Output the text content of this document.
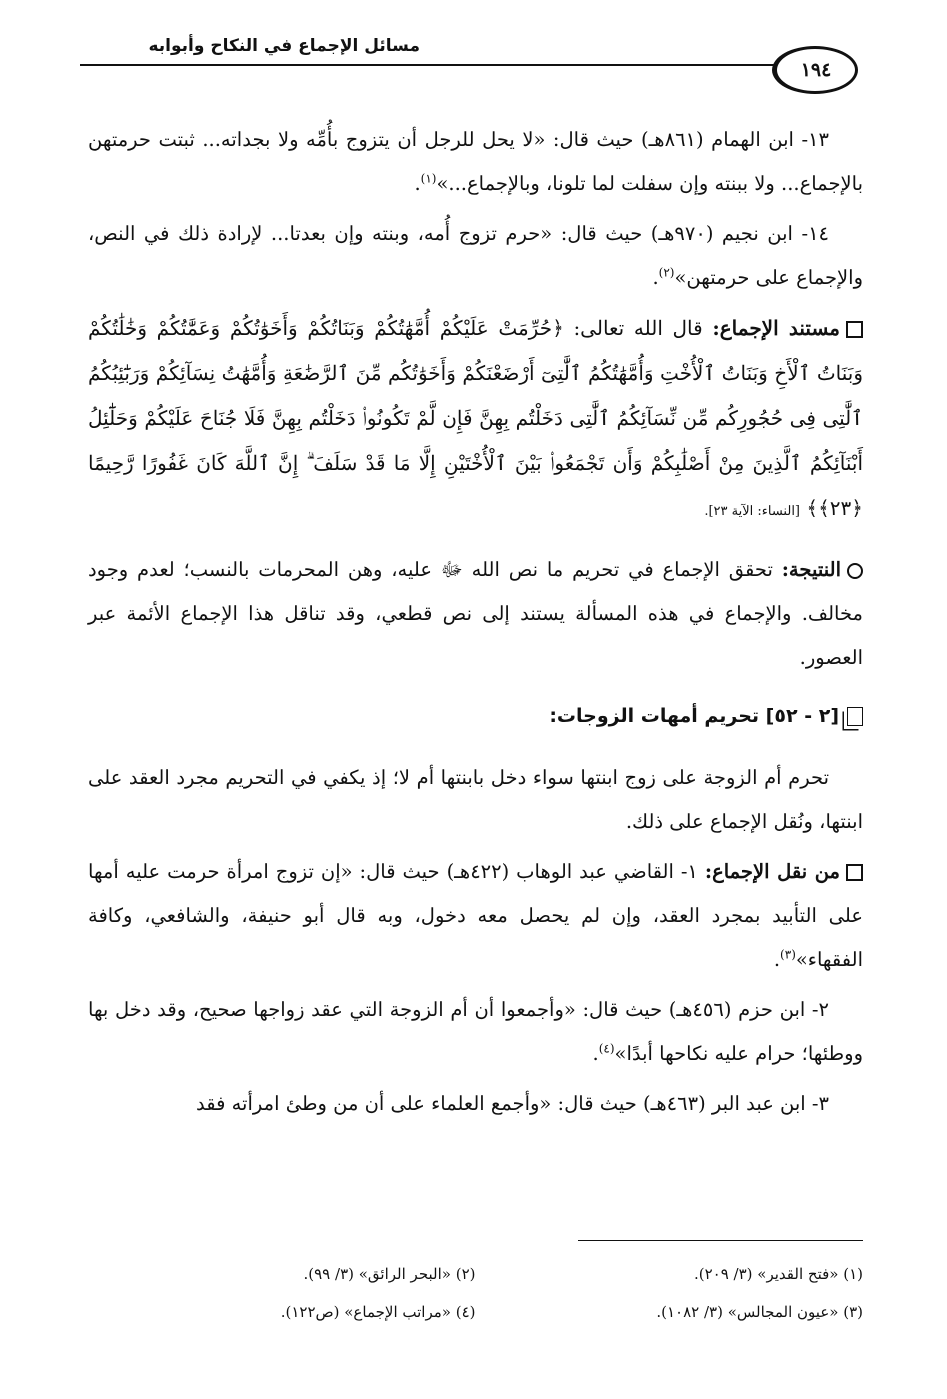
مسائل الإجماع في النكاح وأبوابه
١٩٤

١٣- ابن الهمام (٨٦١هـ) حيث قال: «لا يحل للرجل أن يتزوج بأُمِّه ولا بجداته... ثبتت حرمتهن بالإجماع... ولا ببنته وإن سفلت لما تلونا، وبالإجماع...»$^{(١)}$.

١٤- ابن نجيم (٩٧٠هـ) حيث قال: «حرم تزوج أُمه، وبنته وإن بعدتا... لإرادة ذلك في النص، والإجماع على حرمتهن»$^{(٢)}$.

مستند الإجماع: قال الله تعالى: ﴿حُرِّمَتْ عَلَيْكُمْ أُمَّهَٰتُكُمْ وَبَنَاتُكُمْ وَأَخَوَٰتُكُمْ وَعَمَّٰتُكُمْ وَخَٰلَٰتُكُمْ وَبَنَاتُ ٱلْأَخِ وَبَنَاتُ ٱلْأُخْتِ وَأُمَّهَٰتُكُمُ ٱلَّٰتِىٓ أَرْضَعْنَكُمْ وَأَخَوَٰتُكُم مِّنَ ٱلرَّضَٰعَةِ وَأُمَّهَٰتُ نِسَآئِكُمْ وَرَبَٰٓئِبُكُمُ ٱلَّٰتِى فِى حُجُورِكُم مِّن نِّسَآئِكُمُ ٱلَّٰتِى دَخَلْتُم بِهِنَّ فَإِن لَّمْ تَكُونُوا۟ دَخَلْتُم بِهِنَّ فَلَا جُنَاحَ عَلَيْكُمْ وَحَلَٰٓئِلُ أَبْنَآئِكُمُ ٱلَّذِينَ مِنْ أَصْلَٰبِكُمْ وَأَن تَجْمَعُوا۟ بَيْنَ ٱلْأُخْتَيْنِ إِلَّا مَا قَدْ سَلَفَ ۗ إِنَّ ٱللَّهَ كَانَ غَفُورًا رَّحِيمًا ﴿٢٣﴾﴾ [النساء: الآية ٢٣].

النتيجة: تحقق الإجماع في تحريم ما نص الله ﷻ عليه، وهن المحرمات بالنسب؛ لعدم وجود مخالف. والإجماع في هذه المسألة يستند إلى نص قطعي، وقد تناقل هذا الإجماع الأئمة عبر العصور.

[٢ - ٥٢] تحريم أمهات الزوجات:

تحرم أم الزوجة على زوج ابنتها سواء دخل بابنتها أم لا؛ إذ يكفي في التحريم مجرد العقد على ابنتها، ونُقل الإجماع على ذلك.

من نقل الإجماع: ١- القاضي عبد الوهاب (٤٢٢هـ) حيث قال: «إن تزوج امرأة حرمت عليه أمها على التأبيد بمجرد العقد، وإن لم يحصل معه دخول، وبه قال أبو حنيفة، والشافعي، وكافة الفقهاء»$^{(٣)}$.

٢- ابن حزم (٤٥٦هـ) حيث قال: «وأجمعوا أن أم الزوجة التي عقد زواجها صحيح، وقد دخل بها ووطئها؛ حرام عليه نكاحها أبدًا»$^{(٤)}$.

٣- ابن عبد البر (٤٦٣هـ) حيث قال: «وأجمع العلماء على أن من وطئ امرأته فقد

(١) «فتح القدير» (٣/ ٢٠٩).
(٢) «البحر الرائق» (٣/ ٩٩).
(٣) «عيون المجالس» (٣/ ١٠٨٢).
(٤) «مراتب الإجماع» (ص١٢٢).
